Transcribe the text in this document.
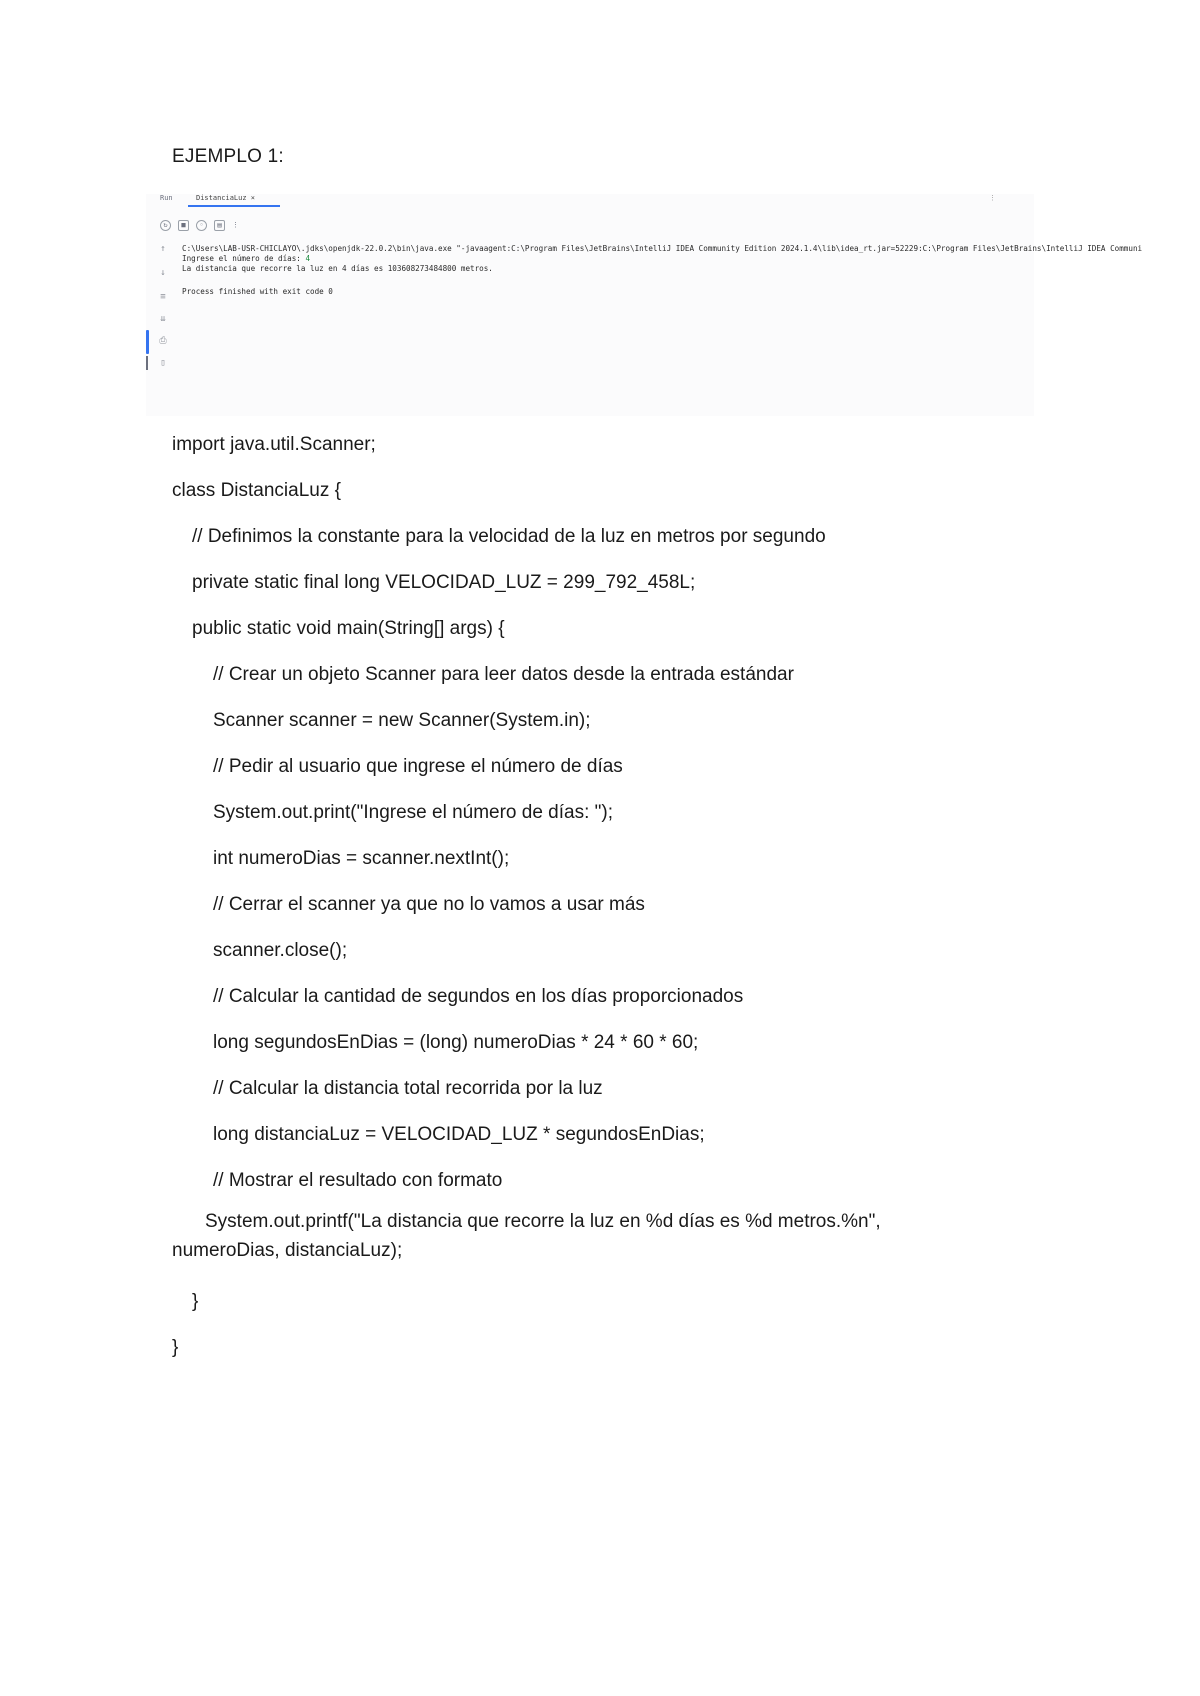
EJEMPLO 1:
Run	DistanciaLuz ×	⋮
↻	■	◦	▤	⋮
↑
↓
≡
⇊
⎙
▯
C:\Users\LAB-USR-CHICLAYO\.jdks\openjdk-22.0.2\bin\java.exe "-javaagent:C:\Program Files\JetBrains\IntelliJ IDEA Community Edition 2024.1.4\lib\idea_rt.jar=52229:C:\Program Files\JetBrains\IntelliJ IDEA Communi
Ingrese el número de días: 4
La distancia que recorre la luz en 4 días es 103608273484800 metros.
Process finished with exit code 0
import java.util.Scanner;
class DistanciaLuz {
// Definimos la constante para la velocidad de la luz en metros por segundo
private static final long VELOCIDAD_LUZ = 299_792_458L;
public static void main(String[] args) {
// Crear un objeto Scanner para leer datos desde la entrada estándar
Scanner scanner = new Scanner(System.in);
// Pedir al usuario que ingrese el número de días
System.out.print("Ingrese el número de días: ");
int numeroDias = scanner.nextInt();
// Cerrar el scanner ya que no lo vamos a usar más
scanner.close();
// Calcular la cantidad de segundos en los días proporcionados
long segundosEnDias = (long) numeroDias * 24 * 60 * 60;
// Calcular la distancia total recorrida por la luz
long distanciaLuz = VELOCIDAD_LUZ * segundosEnDias;
// Mostrar el resultado con formato
System.out.printf("La distancia que recorre la luz en %d días es %d metros.%n",
numeroDias, distanciaLuz);
}
}
